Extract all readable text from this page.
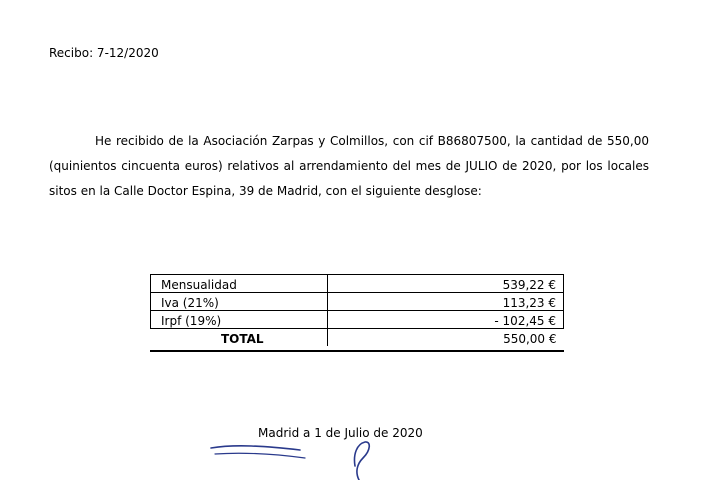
Recibo: 7-12/2020
He recibido de la Asociación Zarpas y Colmillos, con cif B86807500, la cantidad de 550,00 (quinientos cincuenta euros) relativos al arrendamiento del mes de JULIO de 2020, por los locales sitos en la Calle Doctor Espina, 39 de Madrid, con el siguiente desglose:
Mensualidad	539,22 €
Iva (21%)	113,23 €
Irpf (19%)	- 102,45 €
TOTAL	550,00 €
Madrid a 1 de Julio de 2020
